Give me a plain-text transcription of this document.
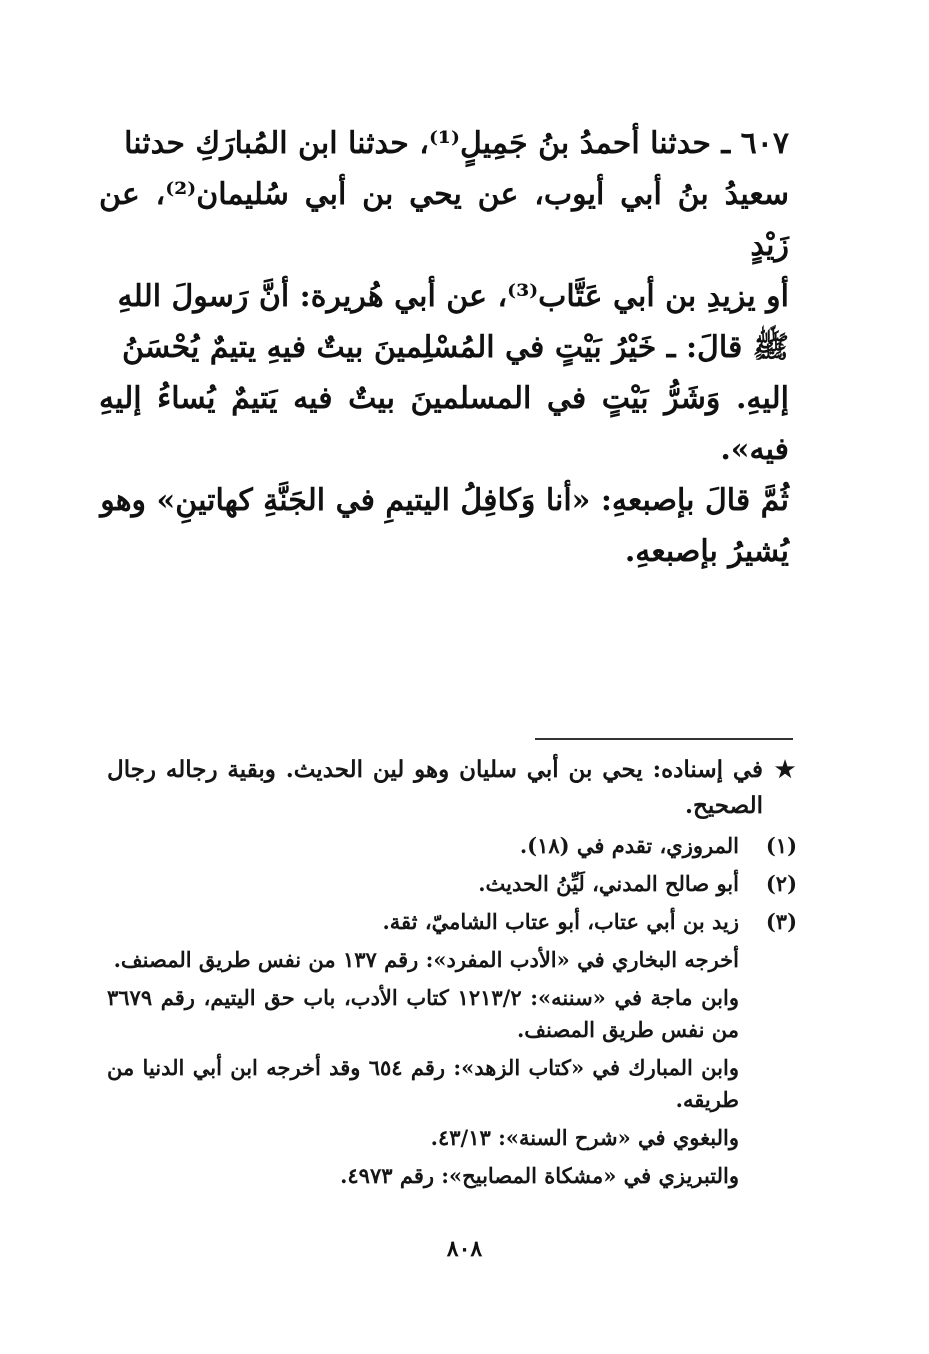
٦٠٧ ـ حدثنا أحمدُ بنُ جَمِيلٍ⁽¹⁾، حدثنا ابن المُبارَكِ حدثنا

سعيدُ بنُ أبي أيوب، عن يحي بن أبي سُليمان⁽²⁾، عن زَيْدٍ

أو يزيدِ بن أبي عَتَّاب⁽³⁾، عن أبي هُريرة: أنَّ رَسولَ اللهِ

ﷺ قالَ: ـ خَيْرُ بَيْتٍ في المُسْلِمينَ بيتٌ فيهِ يتيمٌ يُحْسَنُ

إليهِ. وَشَرُّ بَيْتٍ في المسلمينَ بيتٌ فيه يَتيمٌ يُساءُ إليهِ فيه».

ثُمَّ قالَ بإصبعهِ: «أنا وَكافِلُ اليتيمِ في الجَنَّةِ كهاتينِ» وهو

يُشيرُ بإصبعهِ.

★
في إسناده: يحي بن أبي سليان وهو لين الحديث. وبقية رجاله رجال الصحيح.

(١)
المروزي، تقدم في (١٨).

(٢)
أبو صالح المدني، لَيِّنُ الحديث.

(٣)
زيد بن أبي عتاب، أبو عتاب الشاميّ، ثقة.

أخرجه البخاري في «الأدب المفرد»: رقم ١٣٧ من نفس طريق المصنف.

وابن ماجة في «سننه»: ١٢١٣/٢ كتاب الأدب، باب حق اليتيم، رقم ٣٦٧٩ من نفس طريق المصنف.

وابن المبارك في «كتاب الزهد»: رقم ٦٥٤ وقد أخرجه ابن أبي الدنيا من طريقه.

والبغوي في «شرح السنة»: ٤٣/١٣.

والتبريزي في «مشكاة المصابيح»: رقم ٤٩٧٣.

٨٠٨
